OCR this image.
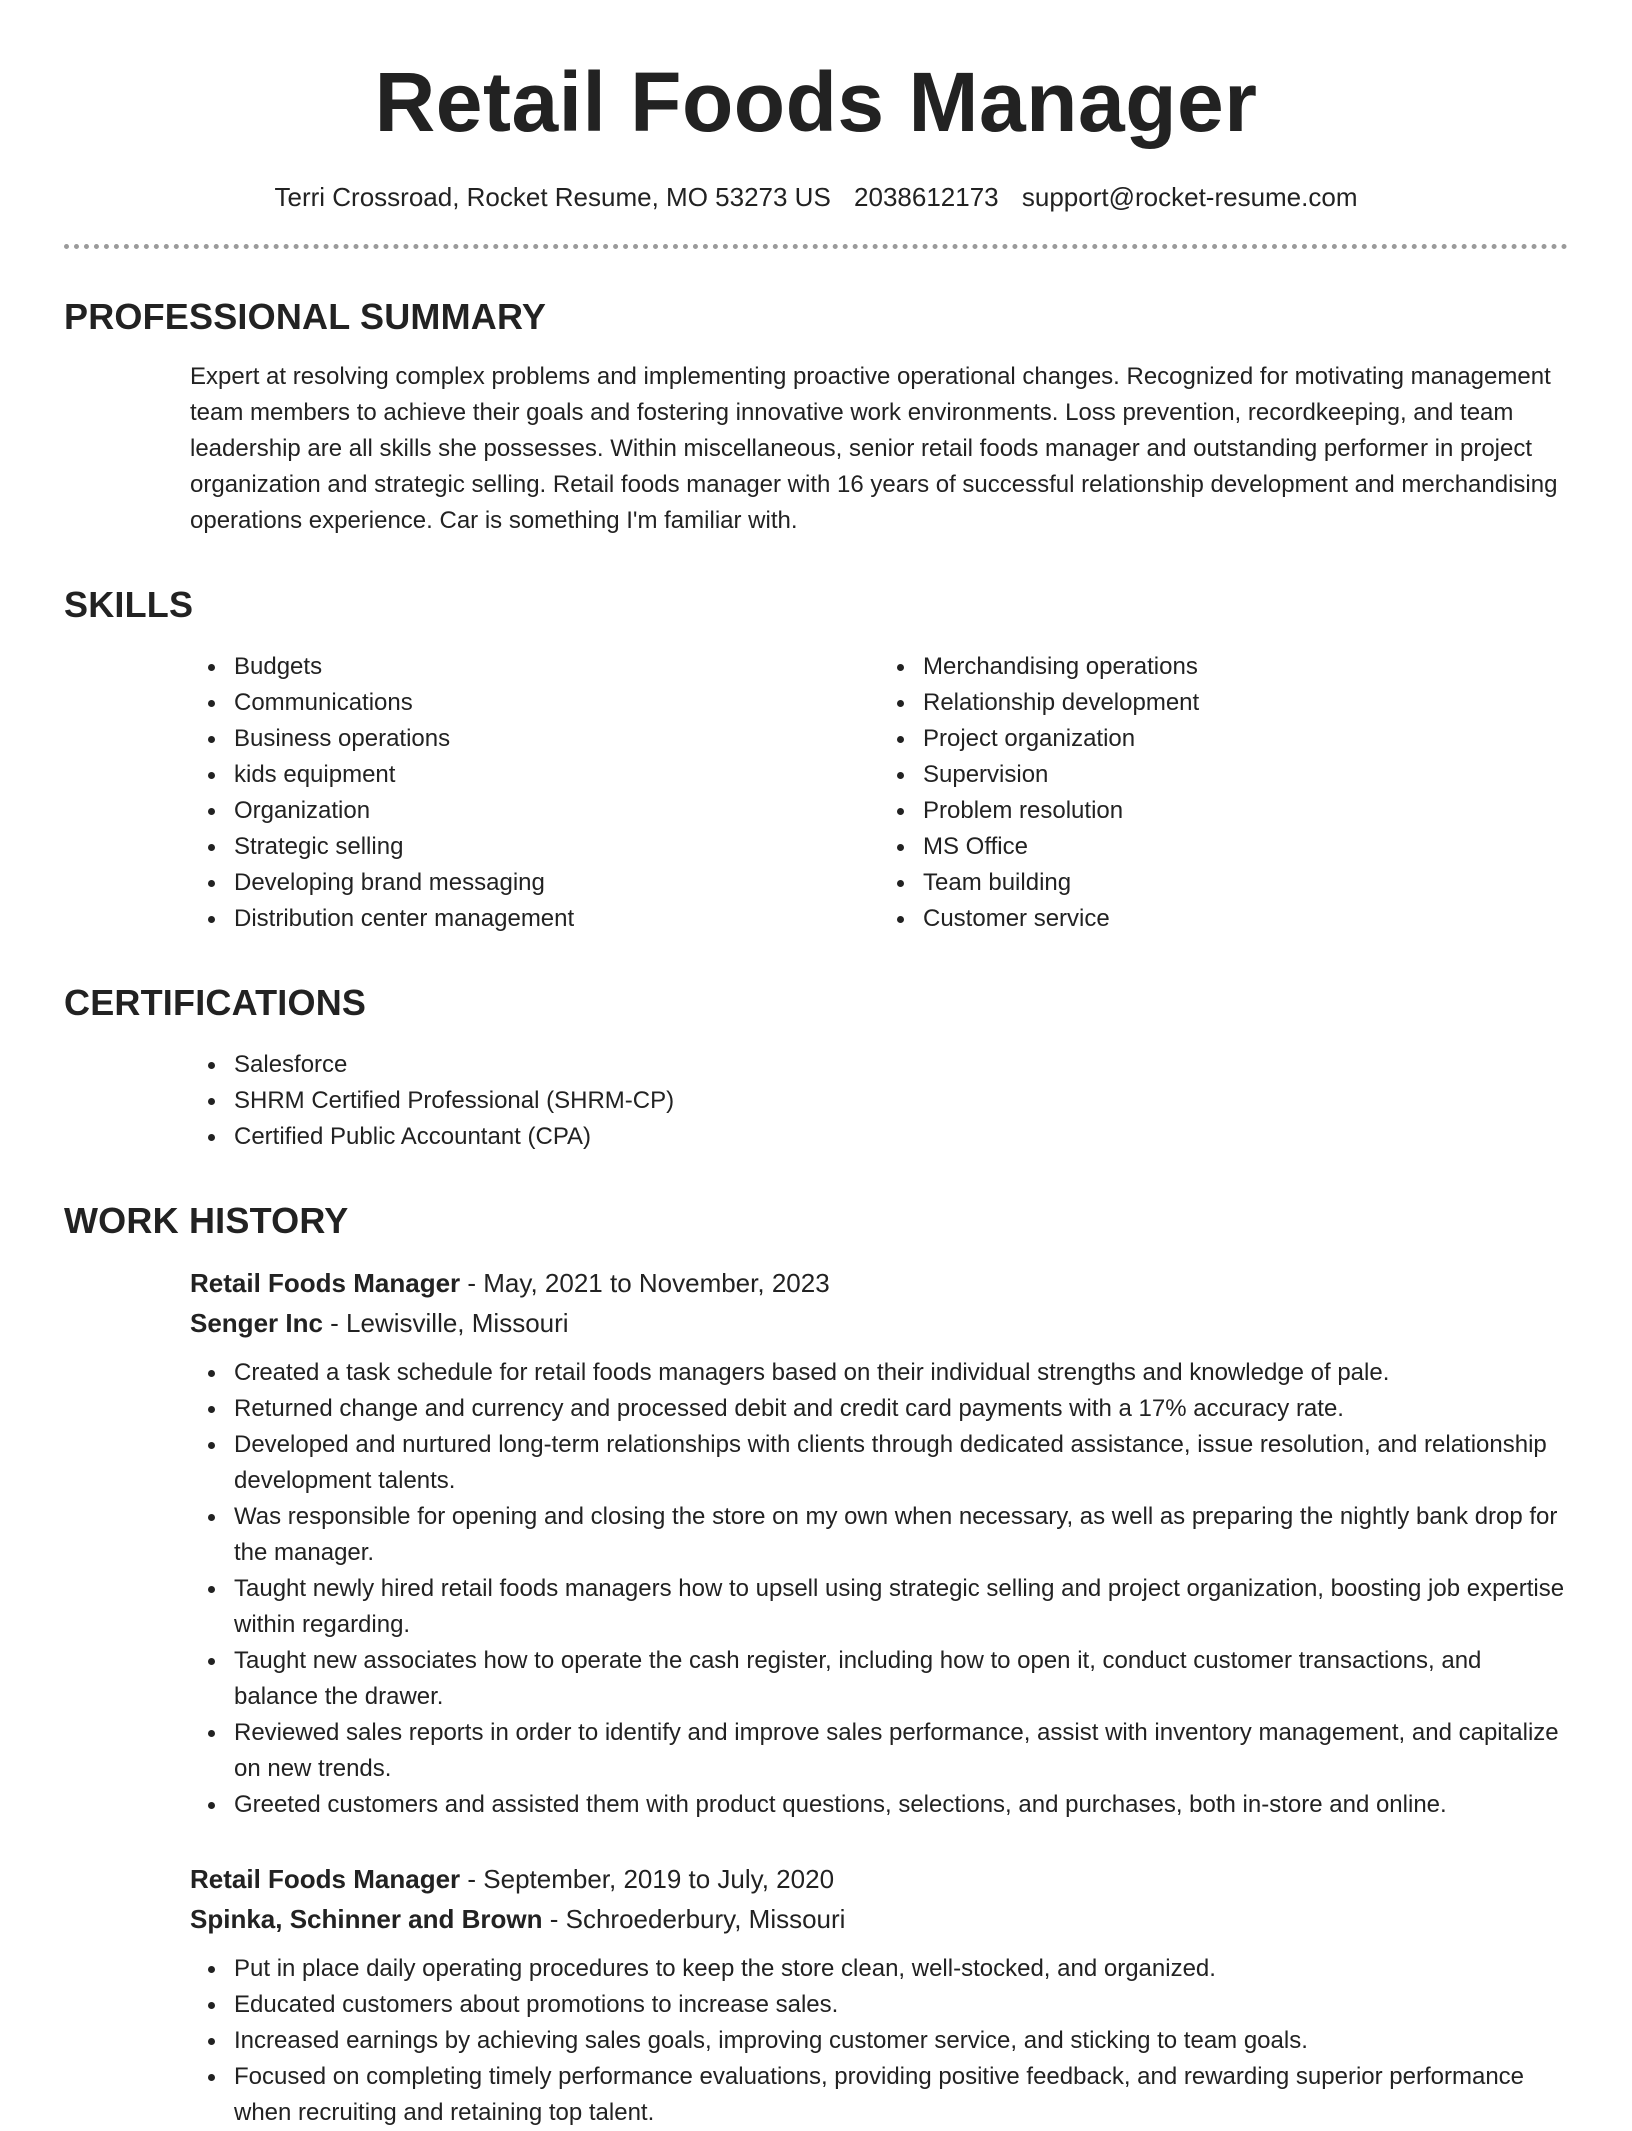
Retail Foods Manager
Terri Crossroad, Rocket Resume, MO 53273 US 2038612173 support@rocket-resume.com
PROFESSIONAL SUMMARY

Expert at resolving complex problems and implementing proactive operational changes. Recognized for motivating management team members to achieve their goals and fostering innovative work environments. Loss prevention, recordkeeping, and team leadership are all skills she possesses. Within miscellaneous, senior retail foods manager and outstanding performer in project organization and strategic selling. Retail foods manager with 16 years of successful relationship development and merchandising operations experience. Car is something I'm familiar with.

SKILLS
Budgets
Communications
Business operations
kids equipment
Organization
Strategic selling
Developing brand messaging
Distribution center management
Merchandising operations
Relationship development
Project organization
Supervision
Problem resolution
MS Office
Team building
Customer service
CERTIFICATIONS
Salesforce
SHRM Certified Professional (SHRM-CP)
Certified Public Accountant (CPA)
WORK HISTORY
Retail Foods Manager - May, 2021 to November, 2023
Senger Inc - Lewisville, Missouri
Created a task schedule for retail foods managers based on their individual strengths and knowledge of pale.
Returned change and currency and processed debit and credit card payments with a 17% accuracy rate.
Developed and nurtured long-term relationships with clients through dedicated assistance, issue resolution, and relationship development talents.
Was responsible for opening and closing the store on my own when necessary, as well as preparing the nightly bank drop for the manager.
Taught newly hired retail foods managers how to upsell using strategic selling and project organization, boosting job expertise within regarding.
Taught new associates how to operate the cash register, including how to open it, conduct customer transactions, and balance the drawer.
Reviewed sales reports in order to identify and improve sales performance, assist with inventory management, and capitalize on new trends.
Greeted customers and assisted them with product questions, selections, and purchases, both in-store and online.
Retail Foods Manager - September, 2019 to July, 2020
Spinka, Schinner and Brown - Schroederbury, Missouri
Put in place daily operating procedures to keep the store clean, well-stocked, and organized.
Educated customers about promotions to increase sales.
Increased earnings by achieving sales goals, improving customer service, and sticking to team goals.
Focused on completing timely performance evaluations, providing positive feedback, and rewarding superior performance when recruiting and retaining top talent.
